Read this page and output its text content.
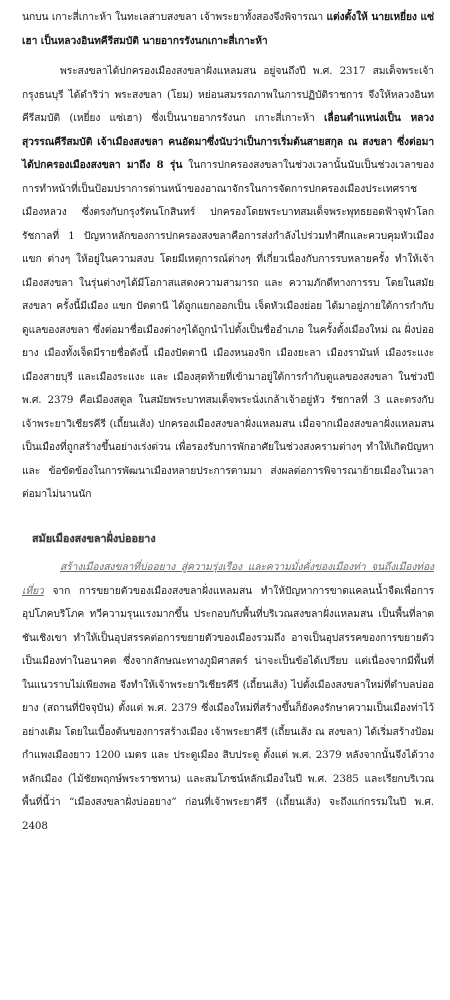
นกบน เกาะสี่เกาะห้า ในทะเลสาบสงขลา เจ้าพระยาทั้งสองจึงพิจารณา แต่งตั้งให้ นายเหยี่ยง แซ่เฮา เป็นหลวงอินทคีรีสมบัติ นายอากรรังนกเกาะสี่เกาะห้า
พระสงขลาได้ปกครองเมืองสงขลาฝั่งแหลมสน อยู่จนถึงปี พ.ศ. 2317 สมเด็จพระเจ้ากรุงธนบุรี ได้ดำริว่า พระสงขลา (โยม) หย่อนสมรรถภาพในการปฏิบัติราชการ จึงให้หลวงอินทคีรีสมบัติ (เหยี่ยง แซ่เฮา) ซึ่งเป็นนายอากรรังนก เกาะสี่เกาะห้า เลื่อนตำแหน่งเป็น หลวงสุวรรณคีรีสมบัติ เจ้าเมืองสงขลา คนอัดมาซึ่งนับว่าเป็นการเริ่มต้นสายสกุล ณ สงขลา ซึ่งต่อมาได้ปกครองเมืองสงขลา มาถึง 8 รุ่น ในการปกครองสงขลาในช่วงเวลานั้นนับเป็นช่วงเวลาของการทำหน้าที่เป็นป้อมปราการด่านหน้าของอาณาจักรในการจัดการปกครองเมืองประเทศราช เมืองหลวง ซึ่งตรงกับกรุงรัตนโกสินทร์ ปกครองโดยพระบาทสมเด็จพระพุทธยอดฟ้าจุฬาโลก รัชกาลที่ 1 ปัญหาหลักของการปกครองสงขลาคือการส่งกำลังไปร่วมทำศึกและควบคุมหัวเมืองแขก ต่างๆ ให้อยู่ในความสงบ โดยมีเหตุการณ์ต่างๆ ที่เกี่ยวเนื่องกับการรบหลายครั้ง ทำให้เจ้าเมืองสงขลา ในรุ่นต่างๆได้มีโอกาสแสดงความสามารถ และ ความภักดีทางการรบ โดยในสมัยสงขลา ครั้งนี้มีเมือง แขก ปัตตานี ได้ถูกแยกออกเป็น เจ็ดหัวเมืองย่อย ได้มาอยู่ภายใต้การกำกับดูแลของสงขลา ซึ่งต่อมาชื่อเมืองต่างๆได้ถูกนำไปตั้งเป็นชื่ออำเภอ ในครั้งตั้งเมืองใหม่ ณ ฝั่งบ่ออยาง เมืองทั้งเจ็ดมีรายชื่อดังนี้ เมืองปัตตานี เมืองหนองจิก เมืองยะลา เมืองรามันห์ เมืองระแงะ เมืองสายบุรี และเมืองระแงะ และ เมืองสุดท้ายที่เข้ามาอยู่ใต้การกำกับดูแลของสงขลา ในช่วงปี พ.ศ. 2379 คือเมืองสตูล ในสมัยพระบาทสมเด็จพระนั่งเกล้าเจ้าอยู่หัว รัชกาลที่ 3 และตรงกับ เจ้าพระยาวิเชียรคีรี (เถี้ยนเส้ง) ปกครองเมืองสงขลาฝั่งแหลมสน เมื่อจากเมืองสงขลาฝั่งแหลมสนเป็นเมืองที่ถูกสร้างขึ้นอย่างเร่งด่วน เพื่อรองรับการพักอาศัยในช่วงสงครามต่างๆ ทำให้เกิดปัญหาและ ข้อขัดข้องในการพัฒนาเมืองหลายประการตามมา ส่งผลต่อการพิจารณาย้ายเมืองในเวลาต่อมาไม่นานนัก
สมัยเมืองสงขลาฝั่งบ่ออยาง
สร้างเมืองสงขลาที่บ่ออยาง สู่ความรุ่งเรือง และความมั่งคั่งของเมืองท่า จนถึงเมืองท่องเที่ยว จาก การขยายตัวของเมืองสงขลาฝั่งแหลมสน ทำให้ปัญหาการขาดแคลนน้ำจืดเพื่อการอุปโภคบริโภค ทวีความรุนแรงมากขึ้น ประกอบกับพื้นที่บริเวณสงขลาฝั่งแหลมสน เป็นพื้นที่ลาดชันเชิงเขา ทำให้เป็นอุปสรรคต่อการขยายตัวของเมืองรวมถึง อาจเป็นอุปสรรคของการขยายตัวเป็นเมืองท่าในอนาคต ซึ่งจากลักษณะทางภูมิศาสตร์ น่าจะเป็นข้อได้เปรียบ แต่เนื่องจากมีพื้นที่ในแนวราบไม่เพียงพอ จึงทำให้เจ้าพระยาวิเชียรคีรี (เถี้ยนเส้ง) ไปตั้งเมืองสงขลาใหม่ที่ตำบลบ่ออยาง (สถานที่ปัจจุบัน) ตั้งแต่ พ.ศ. 2379 ซึ่งเมืองใหม่ที่สร้างขึ้นก็ยังคงรักษาความเป็นเมืองท่าไว้อย่างเดิม โดยในเบื้องต้นของการสร้างเมือง เจ้าพระยาคีรี (เถี้ยนเส้ง ณ สงขลา) ได้เริ่มสร้างป้อม กำแพงเมืองยาว 1200 เมตร และ ประตูเมือง สิบประตู ตั้งแต่ พ.ศ. 2379 หลังจากนั้นจึงได้วางหลักเมือง (ไม้ชัยพฤกษ์พระราชทาน) และสมโภชน์หลักเมืองในปี พ.ศ. 2385 และเรียกบริเวณพื้นที่นี้ว่า “เมืองสงขลาฝั่งบ่ออยาง” ก่อนที่เจ้าพระยาคีรี (เถี้ยนเส้ง) จะถึงแก่กรรมในปี พ.ศ. 2408
